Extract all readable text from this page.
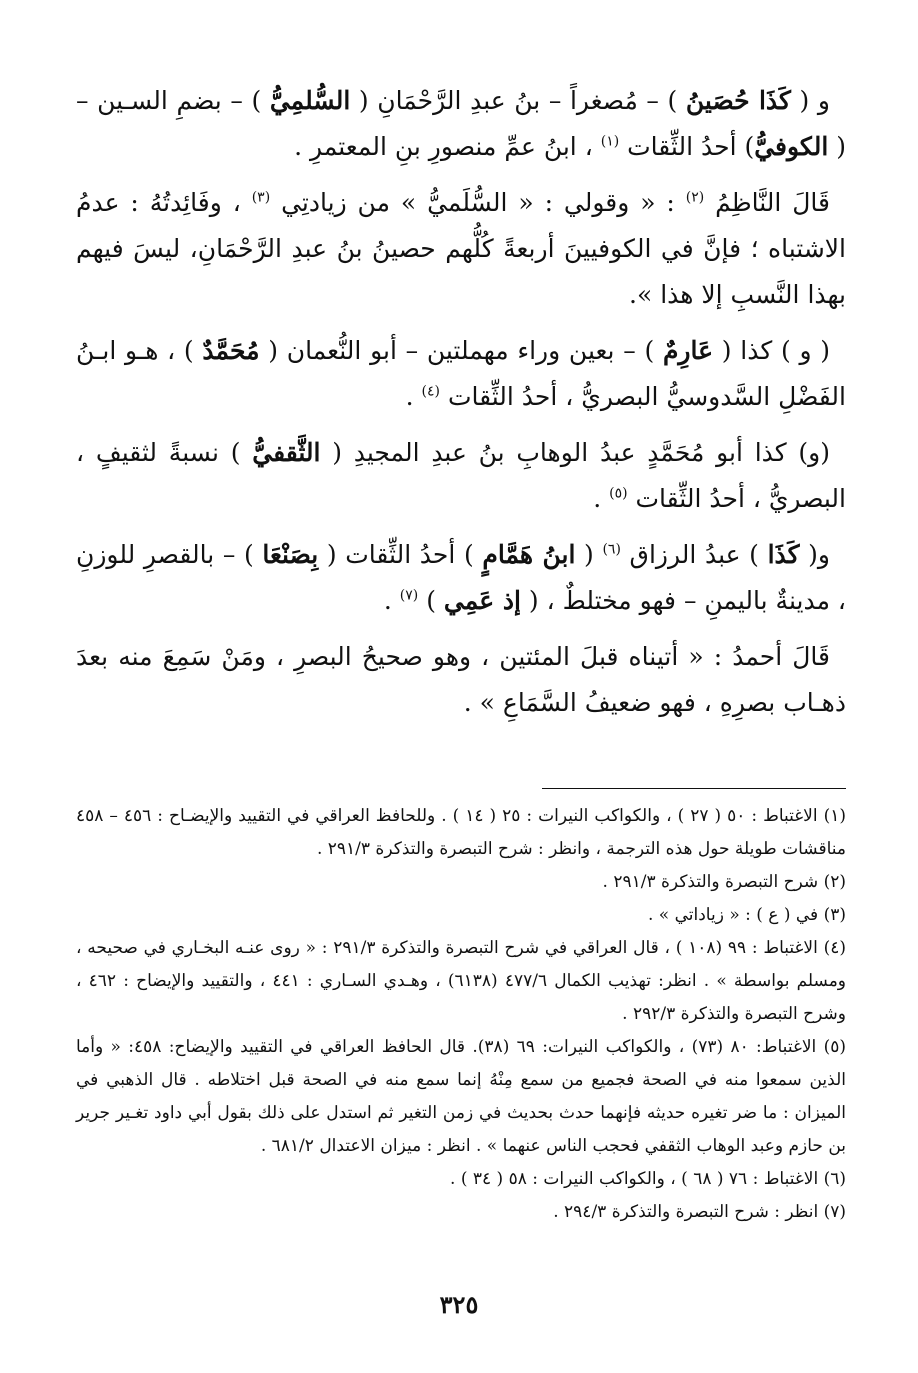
و ( كَذَا حُصَينُ ) – مُصغراً – بنُ عبدِ الرَّحْمَانِ ( السُّلمِيُّ ) – بضمِ السـين – ( الكوفيُّ) أحدُ الثِّقات $^{(١)}$ ، ابنُ عمِّ منصورِ بنِ المعتمرِ .

قَالَ النَّاظِمُ $^{(٢)}$ : « وقولي : « السُّلَميُّ » من زيادتِي $^{(٣)}$ ، وفَائِدتُهُ : عدمُ الاشتباه ؛ فإنَّ في الكوفيينَ أربعةً كُلُّهم حصينُ بنُ عبدِ الرَّحْمَانِ، ليسَ فيهم بهذا النَّسبِ إلا هذا ».

( و ) كذا ( عَارِمٌ ) – بعين وراء مهملتين – أبو النُّعمان ( مُحَمَّدٌ ) ، هـو ابـنُ الفَضْلِ السَّدوسيُّ البصريُّ ، أحدُ الثِّقات $^{(٤)}$ .

(و) كذا أبو مُحَمَّدٍ عبدُ الوهابِ بنُ عبدِ المجيدِ ( الثَّقفيُّ ) نسبةً لثقيفٍ ، البصريُّ ، أحدُ الثِّقات $^{(٥)}$ .

و( كَذَا ) عبدُ الرزاق $^{(٦)}$ ( ابنُ هَمَّامٍ ) أحدُ الثِّقات ( بِصَنْعَا ) – بالقصرِ للوزنِ ، مدينةٌ باليمنِ – فهو مختلطٌ ، ( إذ عَمِي ) $^{(٧)}$ .

قَالَ أحمدُ : « أتيناه قبلَ المئتين ، وهو صحيحُ البصرِ ، ومَنْ سَمِعَ منه بعدَ ذهـاب بصرِهِ ، فهو ضعيفُ السَّمَاعِ » .

(١) الاغتباط : ٥٠ ( ٢٧ ) ، والكواكب النيرات : ٢٥ ( ١٤ ) . وللحافظ العراقي في التقييد والإيضـاح : ٤٥٦ – ٤٥٨ مناقشات طويلة حول هذه الترجمة ، وانظر : شرح التبصرة والتذكرة ٢٩١/٣ .

(٢) شرح التبصرة والتذكرة ٢٩١/٣ .

(٣) في ( ع ) : « زياداتي » .

(٤) الاغتباط : ٩٩ (١٠٨ ) ، قال العراقي في شرح التبصرة والتذكرة ٢٩١/٣ : « روى عنـه البخـاري في صحيحه ، ومسلم بواسطة » . انظر: تهذيب الكمال ٤٧٧/٦ (٦١٣٨) ، وهـدي السـاري : ٤٤١ ، والتقييد والإيضاح : ٤٦٢ ، وشرح التبصرة والتذكرة ٢٩٢/٣ .

(٥) الاغتباط: ٨٠ (٧٣) ، والكواكب النيرات: ٦٩ (٣٨). قال الحافظ العراقي في التقييد والإيضاح: ٤٥٨: « وأما الذين سمعوا منه في الصحة فجميع من سمع مِنْهُ إنما سمع منه في الصحة قبل اختلاطه . قال الذهبي في الميزان : ما ضر تغيره حديثه فإنهما حدث بحديث في زمن التغير ثم استدل على ذلك بقول أبي داود تغـير جرير بن حازم وعبد الوهاب الثقفي فحجب الناس عنهما » . انظر : ميزان الاعتدال ٦٨١/٢ .

(٦) الاغتباط : ٧٦ ( ٦٨ ) ، والكواكب النيرات : ٥٨ ( ٣٤ ) .

(٧) انظر : شرح التبصرة والتذكرة ٢٩٤/٣ .

٣٢٥
